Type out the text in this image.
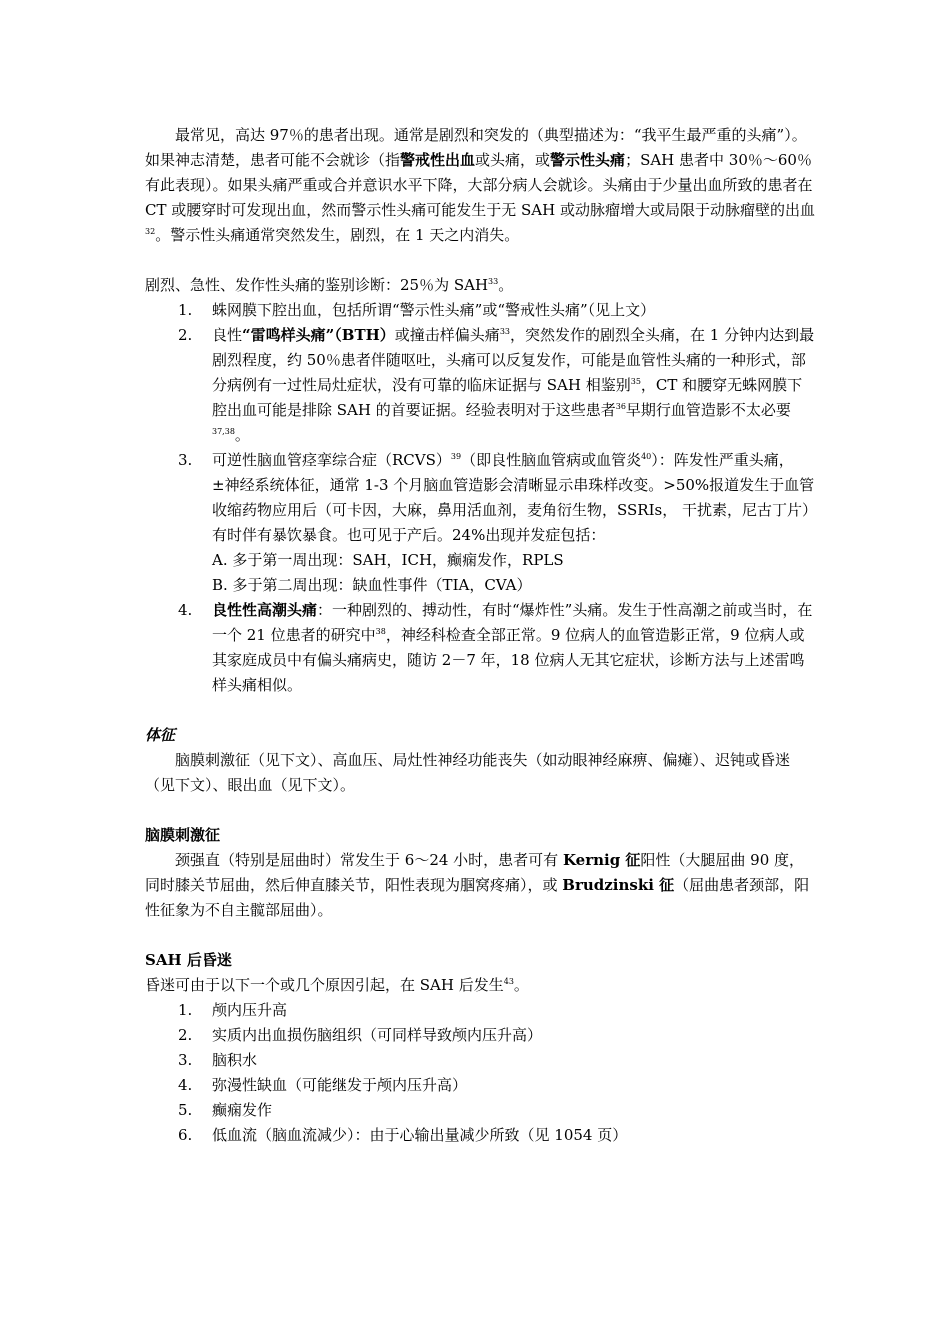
最常见，高达 97％的患者出现。通常是剧烈和突发的（典型描述为：“我平生最严重的头痛”）。如果神志清楚，患者可能不会就诊（指警戒性出血或头痛，或警示性头痛；SAH 患者中 30％～60％有此表现）。如果头痛严重或合并意识水平下降，大部分病人会就诊。头痛由于少量出血所致的患者在 CT 或腰穿时可发现出血，然而警示性头痛可能发生于无 SAH 或动脉瘤增大或局限于动脉瘤壁的出血$^{32}$。警示性头痛通常突然发生，剧烈，在 1 天之内消失。

剧烈、急性、发作性头痛的鉴别诊断：25％为 SAH$^{33}$。

1. 蛛网膜下腔出血，包括所谓“警示性头痛”或“警戒性头痛”（见上文）
2. 良性“雷鸣样头痛”（BTH）或撞击样偏头痛$^{33}$，突然发作的剧烈全头痛，在 1 分钟内达到最剧烈程度，约 50％患者伴随呕吐，头痛可以反复发作，可能是血管性头痛的一种形式，部分病例有一过性局灶症状，没有可靠的临床证据与 SAH 相鉴别$^{35}$，CT 和腰穿无蛛网膜下腔出血可能是排除 SAH 的首要证据。经验表明对于这些患者$^{36}$早期行血管造影不太必要$^{37,38}$。
3. 可逆性脑血管痉挛综合症（RCVS）$^{39}$（即良性脑血管病或血管炎$^{40}$）：阵发性严重头痛，±神经系统体征，通常 1-3 个月脑血管造影会清晰显示串珠样改变。>50%报道发生于血管收缩药物应用后（可卡因，大麻，鼻用活血剂，麦角衍生物，SSRIs， 干扰素，尼古丁片）有时伴有暴饮暴食。也可见于产后。24%出现并发症包括：
A. 多于第一周出现：SAH，ICH，癫痫发作，RPLS
B. 多于第二周出现：缺血性事件（TIA，CVA）
4. 良性性高潮头痛：一种剧烈的、搏动性，有时“爆炸性”头痛。发生于性高潮之前或当时，在一个 21 位患者的研究中$^{38}$，神经科检查全部正常。9 位病人的血管造影正常，9 位病人或其家庭成员中有偏头痛病史，随访 2－7 年，18 位病人无其它症状，诊断方法与上述雷鸣样头痛相似。

体征

脑膜刺激征（见下文）、高血压、局灶性神经功能丧失（如动眼神经麻痹、偏瘫）、迟钝或昏迷（见下文）、眼出血（见下文）。

脑膜刺激征

颈强直（特别是屈曲时）常发生于 6～24 小时，患者可有 Kernig 征阳性（大腿屈曲 90 度，同时膝关节屈曲，然后伸直膝关节，阳性表现为腘窝疼痛），或 Brudzinski 征（屈曲患者颈部，阳性征象为不自主髋部屈曲）。

SAH 后昏迷

昏迷可由于以下一个或几个原因引起，在 SAH 后发生$^{43}$。

1. 颅内压升高
2. 实质内出血损伤脑组织（可同样导致颅内压升高）
3. 脑积水
4. 弥漫性缺血（可能继发于颅内压升高）
5. 癫痫发作
6. 低血流（脑血流减少）：由于心输出量减少所致（见 1054 页）
